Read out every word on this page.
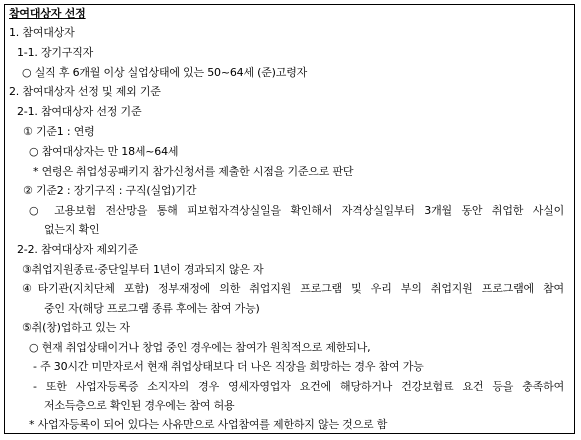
참여대상자 선정
1. 참여대상자
1-1. 장기구직자
○ 실직 후 6개월 이상 실업상태에 있는 50~64세 (준)고령자
2. 참여대상자 선정 및 제외 기준
2-1. 참여대상자 선정 기준
① 기준1 : 연령
○ 참여대상자는 만 18세~64세
* 연령은 취업성공패키지 참가신청서를 제출한 시점을 기준으로 판단
② 기준2 : 장기구직 : 구직(실업)기간
○ 고용보험 전산망을 통해 피보험자격상실일을 확인해서 자격상실일부터 3개월 동안 취업한 사실이
없는지 확인
2-2. 참여대상자 제외기준
③취업지원종료·중단일부터 1년이 경과되지 않은 자
④타기관(지치단체 포함) 정부재정에 의한 취업지원 프로그램 및 우리 부의 취업지원 프로그램에 참여
중인 자(해당 프로그램 종류 후에는 참여 가능)
⑤취(창)업하고 있는 자
○ 현재 취업상태이거나 창업 중인 경우에는 참여가 원칙적으로 제한되나,
- 주 30시간 미만자로서 현재 취업상태보다 더 나은 직장을 희망하는 경우 참여 가능
- 또한 사업자등록증 소지자의 경우 영세자영업자 요건에 해당하거나 건강보험료 요건 등을 충족하여
저소득층으로 확인된 경우에는 참여 허용
* 사업자등록이 되어 있다는 사유만으로 사업참여를 제한하지 않는 것으로 함
